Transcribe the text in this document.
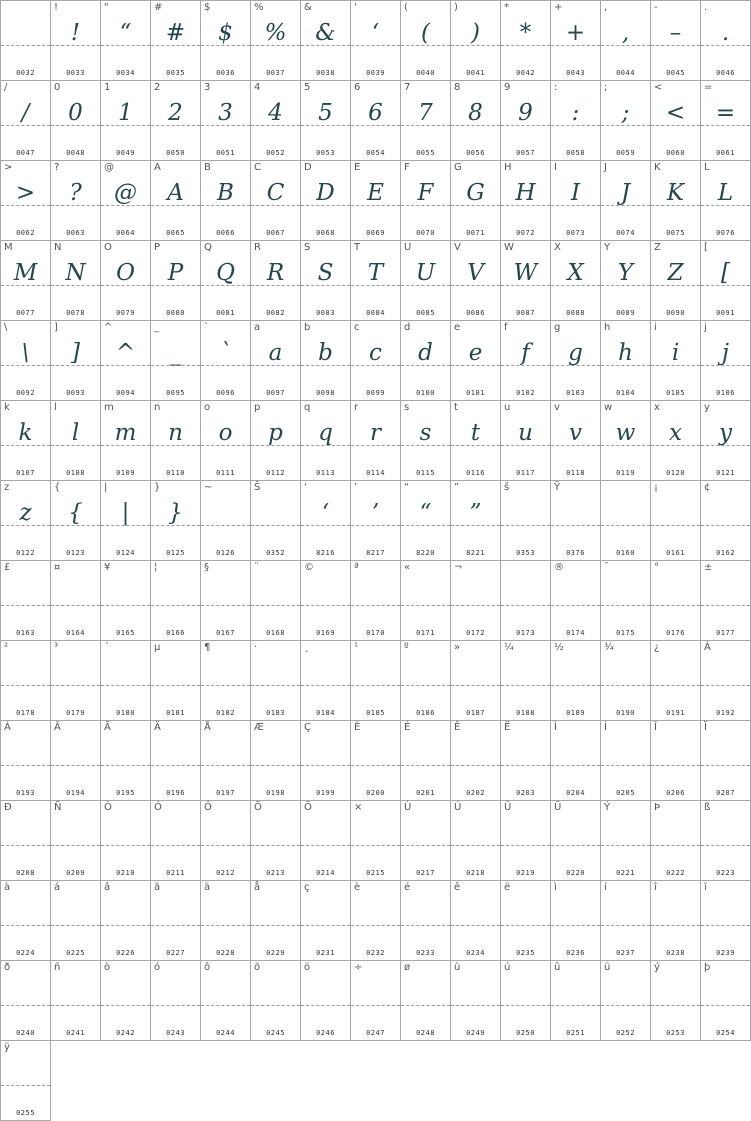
0032
!
!
0033
"
“
0034
#
#
0035
$
$
0036
%
%
0037
&
&
0038
'
‘
0039
(
(
0040
)
)
0041
*
*
0042
+
+
0043
,
,
0044
-
–
0045
.
.
0046
/
/
0047
0
0
0048
1
1
0049
2
2
0050
3
3
0051
4
4
0052
5
5
0053
6
6
0054
7
7
0055
8
8
0056
9
9
0057
:
:
0058
;
;
0059
<
<
0060
=
=
0061
>
>
0062
?
?
0063
@
@
0064
A
A
0065
B
B
0066
C
C
0067
D
D
0068
E
E
0069
F
F
0070
G
G
0071
H
H
0072
I
I
0073
J
J
0074
K
K
0075
L
L
0076
M
M
0077
N
N
0078
O
O
0079
P
P
0080
Q
Q
0081
R
R
0082
S
S
0083
T
T
0084
U
U
0085
V
V
0086
W
W
0087
X
X
0088
Y
Y
0089
Z
Z
0090
[
[
0091
\
\
0092
]
]
0093
^
^
0094
_
_
0095
`
`
0096
a
a
0097
b
b
0098
c
c
0099
d
d
0100
e
e
0101
f
f
0102
g
g
0103
h
h
0104
i
i
0105
j
j
0106
k
k
0107
l
l
0108
m
m
0109
n
n
0110
o
o
0111
p
p
0112
q
q
0113
r
r
0114
s
s
0115
t
t
0116
u
u
0117
v
v
0118
w
w
0119
x
x
0120
y
y
0121
z
z
0122
{
{
0123
|
|
0124
}
}
0125
~
0126
Š
0352
‘
‘
8216
’
’
8217
“
“
8220
”
”
8221
š
0353
Ÿ
0376	0160
¡
0161
¢
0162
£
0163
¤
0164
¥
0165
¦
0166
§
0167
¨
0168
©
0169
ª
0170
«
0171
¬
0172	0173
®
0174
¯
0175
°
0176
±
0177
²
0178
³
0179
´
0180
µ
0181
¶
0182
·
0183
¸
0184
¹
0185
º
0186
»
0187
¼
0188
½
0189
¾
0190
¿
0191
À
0192
Á
0193
Â
0194
Ã
0195
Ä
0196
Å
0197
Æ
0198
Ç
0199
È
0200
É
0201
Ê
0202
Ë
0203
Ì
0204
Í
0205
Î
0206
Ï
0207
Ð
0208
Ñ
0209
Ò
0210
Ó
0211
Ô
0212
Õ
0213
Ö
0214
×
0215
Ù
0217
Ú
0218
Û
0219
Ü
0220
Ý
0221
Þ
0222
ß
0223
à
0224
á
0225
â
0226
ã
0227
ä
0228
å
0229
ç
0231
è
0232
é
0233
ê
0234
ë
0235
ì
0236
í
0237
î
0238
ï
0239
ð
0240
ñ
0241
ò
0242
ó
0243
ô
0244
õ
0245
ö
0246
÷
0247
ø
0248
ù
0249
ú
0250
û
0251
ü
0252
ý
0253
þ
0254
ÿ
0255
